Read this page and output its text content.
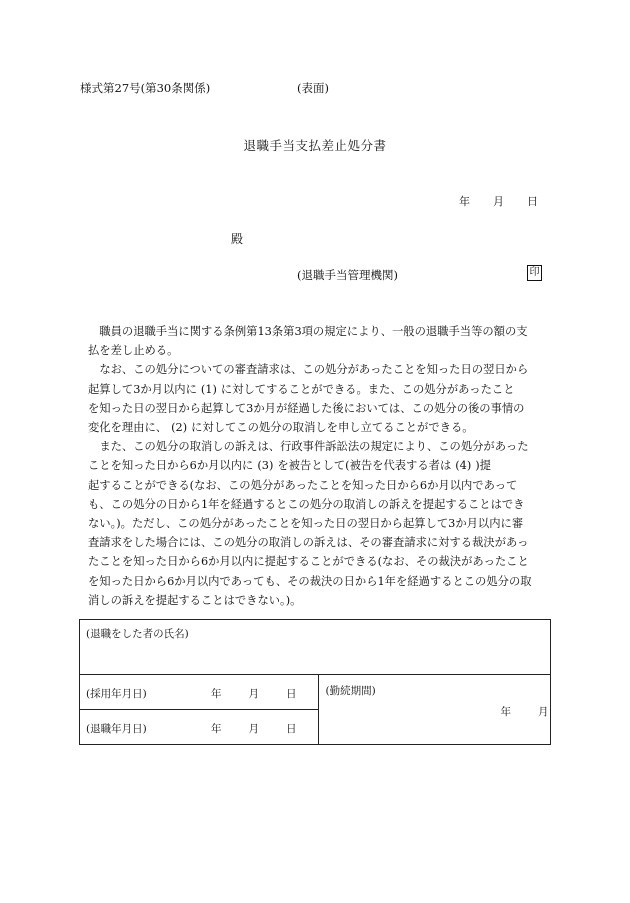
様式第27号(第30条関係)	(表面)
退職手当支払差止処分書
年 月 日
殿
(退職手当管理機関)	印
　職員の退職手当に関する条例第13条第3項の規定により、一般の退職手当等の額の支
払を差し止める。
　なお、この処分についての審査請求は、この処分があったことを知った日の翌日から
起算して3か月以内に (1) に対してすることができる。また、この処分があったこと
を知った日の翌日から起算して3か月が経過した後においては、この処分の後の事情の
変化を理由に、 (2) に対してこの処分の取消しを申し立てることができる。
　また、この処分の取消しの訴えは、行政事件訴訟法の規定により、この処分があった
ことを知った日から6か月以内に (3) を被告として(被告を代表する者は (4) )提
起することができる(なお、この処分があったことを知った日から6か月以内であって
も、この処分の日から1年を経過するとこの処分の取消しの訴えを提起することはでき
ない。)。ただし、この処分があったことを知った日の翌日から起算して3か月以内に審
査請求をした場合には、この処分の取消しの訴えは、その審査請求に対する裁決があっ
たことを知った日から6か月以内に提起することができる(なお、その裁決があったこと
を知った日から6か月以内であっても、その裁決の日から1年を経過するとこの処分の取
消しの訴えを提起することはできない。)。
(退職をした者の氏名)

(採用年月日)	年	月	日	(勤続期間)
年	月

(退職年月日)	年	月	日
